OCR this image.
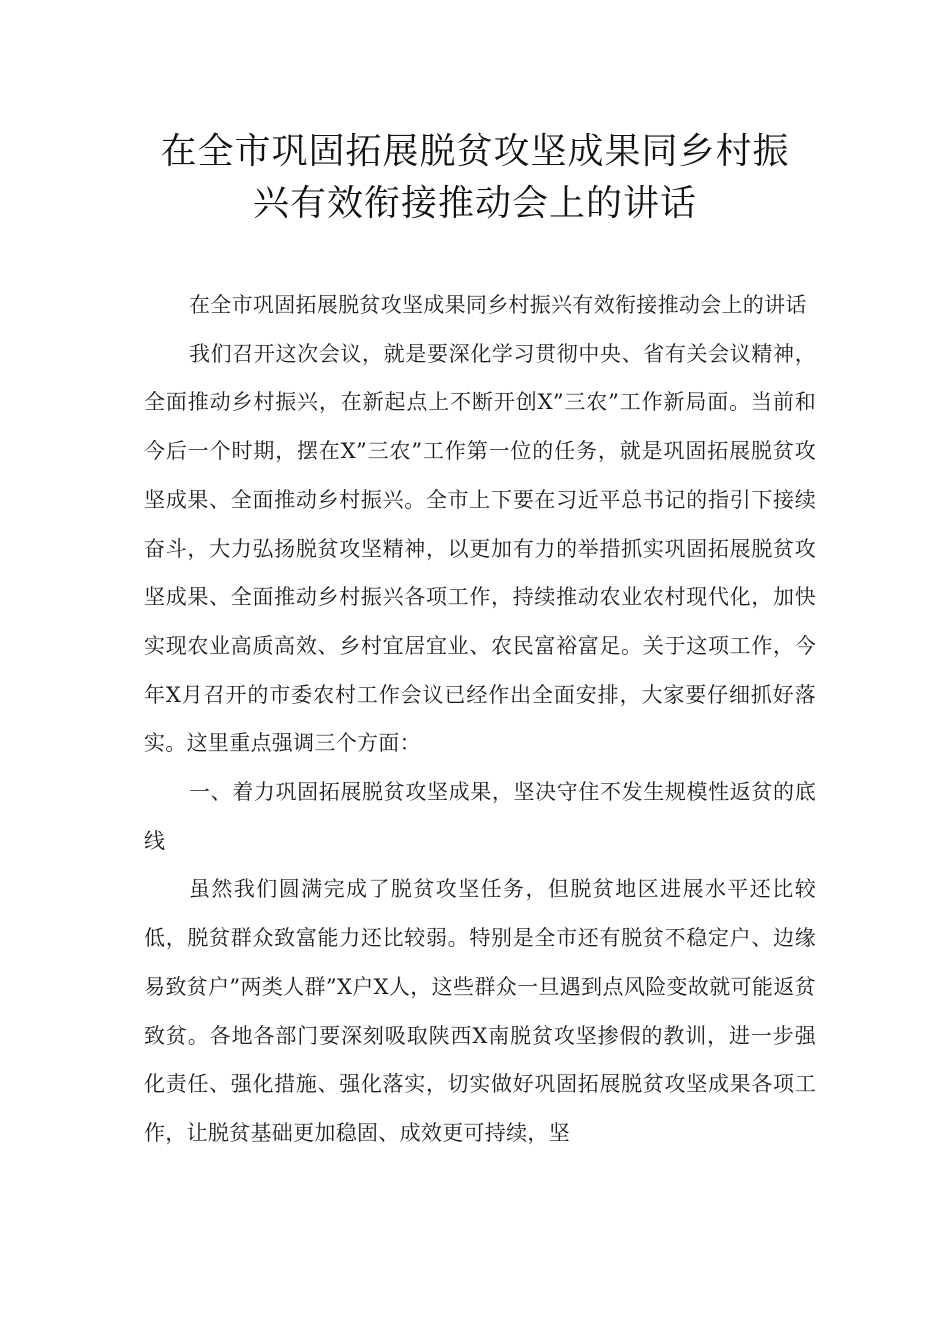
在全市巩固拓展脱贫攻坚成果同乡村振
兴有效衔接推动会上的讲话

在全市巩固拓展脱贫攻坚成果同乡村振兴有效衔接推动会上的讲话

我们召开这次会议，就是要深化学习贯彻中央、省有关会议精神，全面推动乡村振兴，在新起点上不断开创X”三农”工作新局面。当前和今后一个时期，摆在X”三农”工作第一位的任务，就是巩固拓展脱贫攻坚成果、全面推动乡村振兴。全市上下要在习近平总书记的指引下接续奋斗，大力弘扬脱贫攻坚精神，以更加有力的举措抓实巩固拓展脱贫攻坚成果、全面推动乡村振兴各项工作，持续推动农业农村现代化，加快实现农业高质高效、乡村宜居宜业、农民富裕富足。关于这项工作，今年X月召开的市委农村工作会议已经作出全面安排，大家要仔细抓好落实。这里重点强调三个方面：

一、着力巩固拓展脱贫攻坚成果，坚决守住不发生规模性返贫的底线

虽然我们圆满完成了脱贫攻坚任务，但脱贫地区进展水平还比较低，脱贫群众致富能力还比较弱。特别是全市还有脱贫不稳定户、边缘易致贫户”两类人群”X户X人，这些群众一旦遇到点风险变故就可能返贫致贫。各地各部门要深刻吸取陕西X南脱贫攻坚掺假的教训，进一步强化责任、强化措施、强化落实，切实做好巩固拓展脱贫攻坚成果各项工作，让脱贫基础更加稳固、成效更可持续，坚
